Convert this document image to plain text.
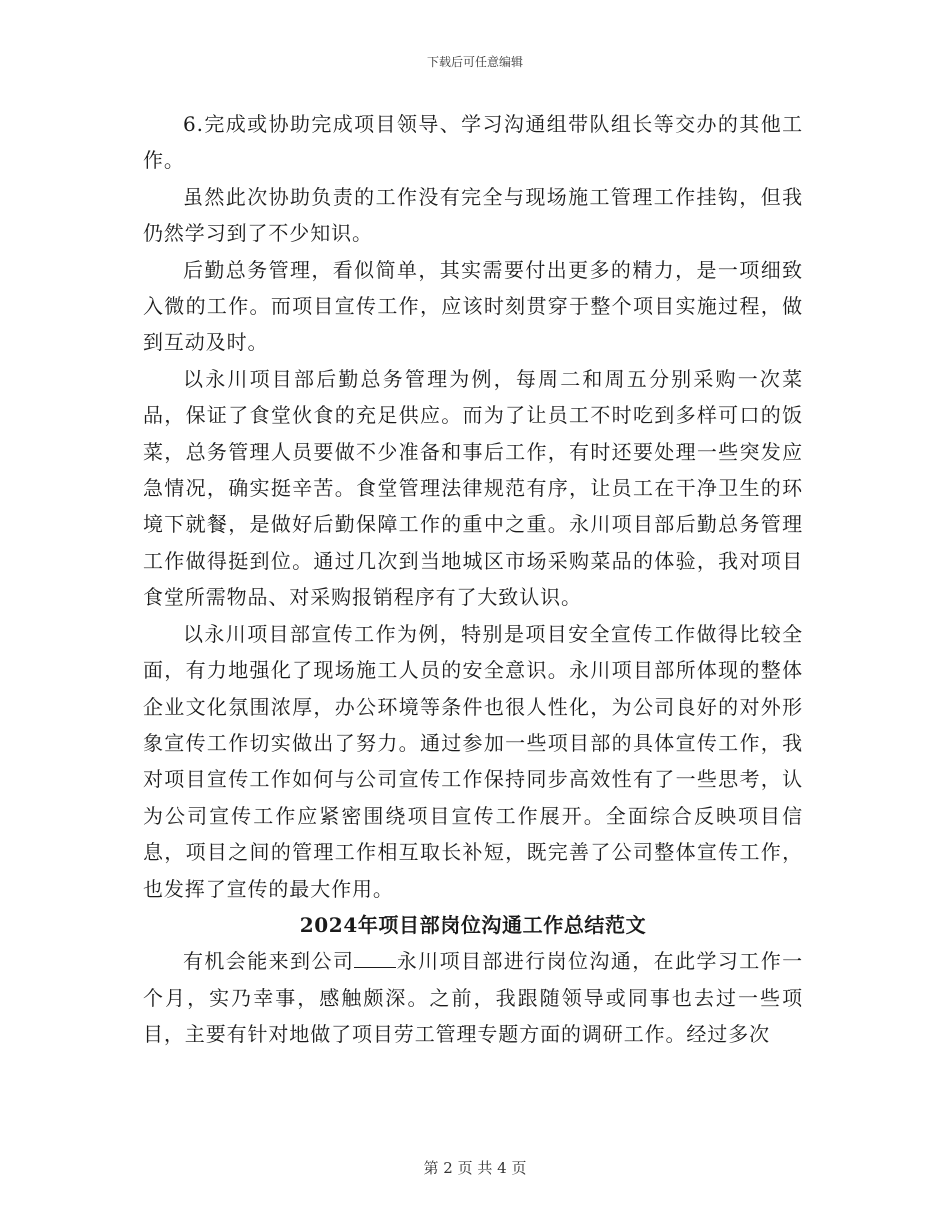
下载后可任意编辑

6.完成或协助完成项目领导、学习沟通组带队组长等交办的其他工作。

虽然此次协助负责的工作没有完全与现场施工管理工作挂钩，但我仍然学习到了不少知识。

后勤总务管理，看似简单，其实需要付出更多的精力，是一项细致入微的工作。而项目宣传工作，应该时刻贯穿于整个项目实施过程，做到互动及时。

以永川项目部后勤总务管理为例，每周二和周五分别采购一次菜品，保证了食堂伙食的充足供应。而为了让员工不时吃到多样可口的饭菜，总务管理人员要做不少准备和事后工作，有时还要处理一些突发应急情况，确实挺辛苦。食堂管理法律规范有序，让员工在干净卫生的环境下就餐，是做好后勤保障工作的重中之重。永川项目部后勤总务管理工作做得挺到位。通过几次到当地城区市场采购菜品的体验，我对项目食堂所需物品、对采购报销程序有了大致认识。

以永川项目部宣传工作为例，特别是项目安全宣传工作做得比较全面，有力地强化了现场施工人员的安全意识。永川项目部所体现的整体企业文化氛围浓厚，办公环境等条件也很人性化，为公司良好的对外形象宣传工作切实做出了努力。通过参加一些项目部的具体宣传工作，我对项目宣传工作如何与公司宣传工作保持同步高效性有了一些思考，认为公司宣传工作应紧密围绕项目宣传工作展开。全面综合反映项目信息，项目之间的管理工作相互取长补短，既完善了公司整体宣传工作，也发挥了宣传的最大作用。

2024年项目部岗位沟通工作总结范文

有机会能来到公司 永川项目部进行岗位沟通，在此学习工作一个月，实乃幸事，感触颇深。之前，我跟随领导或同事也去过一些项目，主要有针对地做了项目劳工管理专题方面的调研工作。经过多次

第 2 页 共 4 页
